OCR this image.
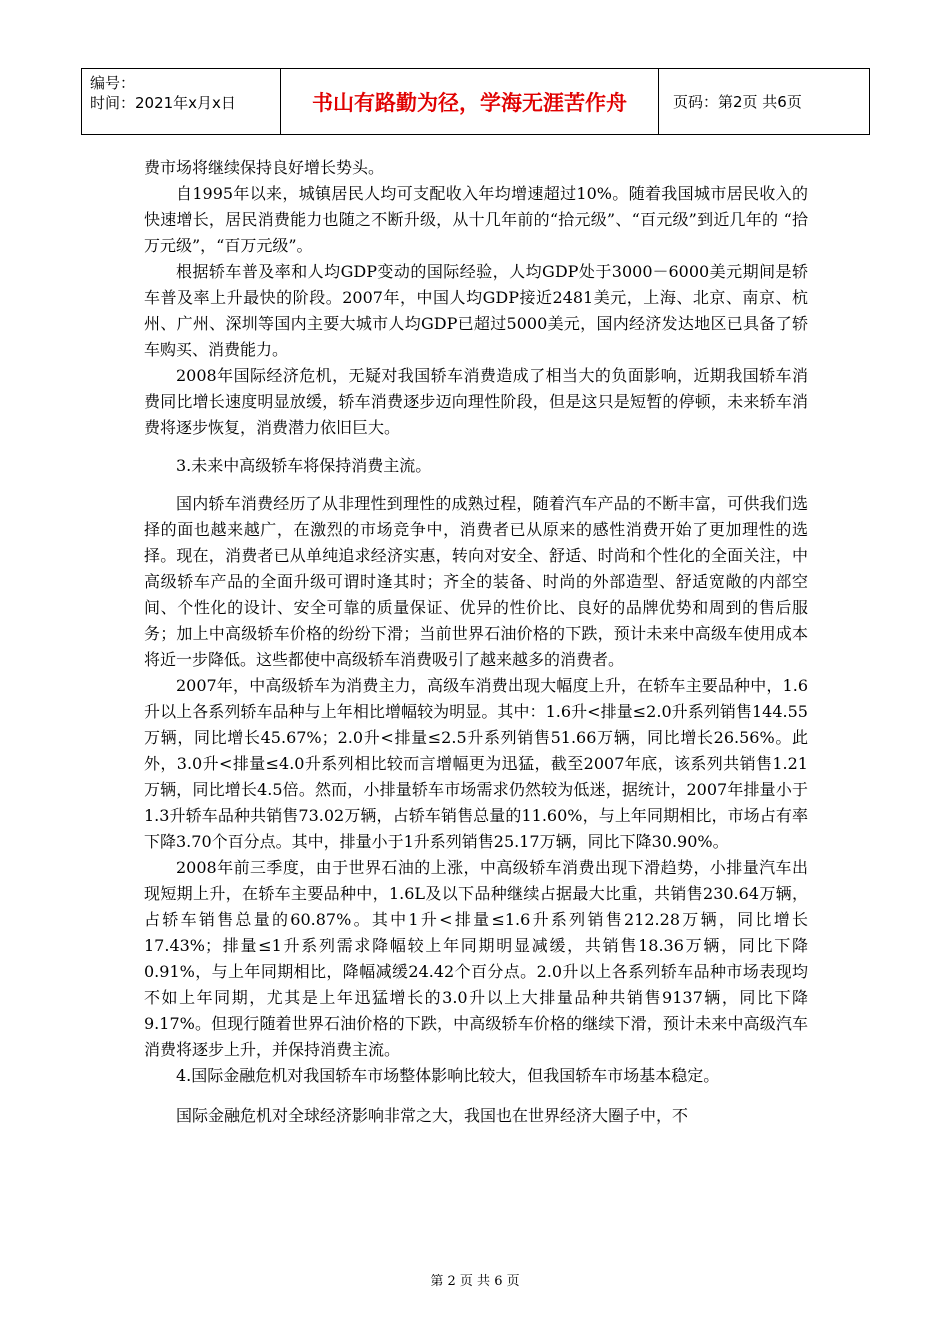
编号：
时间：2021年x月x日	书山有路勤为径，学海无涯苦作舟	页码：第2页 共6页

费市场将继续保持良好增长势头。

自1995年以来，城镇居民人均可支配收入年均增速超过10%。随着我国城市居民收入的快速增长，居民消费能力也随之不断升级，从十几年前的“拾元级”、“百元级”到近几年的 “拾万元级”，“百万元级”。

根据轿车普及率和人均GDP变动的国际经验，人均GDP处于3000－6000美元期间是轿车普及率上升最快的阶段。2007年，中国人均GDP接近2481美元，上海、北京、南京、杭州、广州、深圳等国内主要大城市人均GDP已超过5000美元，国内经济发达地区已具备了轿车购买、消费能力。

2008年国际经济危机，无疑对我国轿车消费造成了相当大的负面影响，近期我国轿车消费同比增长速度明显放缓，轿车消费逐步迈向理性阶段，但是这只是短暂的停顿，未来轿车消费将逐步恢复，消费潜力依旧巨大。

3.未来中高级轿车将保持消费主流。

国内轿车消费经历了从非理性到理性的成熟过程，随着汽车产品的不断丰富，可供我们选择的面也越来越广，在激烈的市场竞争中，消费者已从原来的感性消费开始了更加理性的选择。现在，消费者已从单纯追求经济实惠，转向对安全、舒适、时尚和个性化的全面关注，中高级轿车产品的全面升级可谓时逢其时；齐全的装备、时尚的外部造型、舒适宽敞的内部空间、个性化的设计、安全可靠的质量保证、优异的性价比、良好的品牌优势和周到的售后服务；加上中高级轿车价格的纷纷下滑；当前世界石油价格的下跌，预计未来中高级车使用成本将近一步降低。这些都使中高级轿车消费吸引了越来越多的消费者。

2007年，中高级轿车为消费主力，高级车消费出现大幅度上升，在轿车主要品种中，1.6升以上各系列轿车品种与上年相比增幅较为明显。其中：1.6升<排量≤2.0升系列销售144.55万辆，同比增长45.67%；2.0升<排量≤2.5升系列销售51.66万辆，同比增长26.56%。此外，3.0升<排量≤4.0升系列相比较而言增幅更为迅猛，截至2007年底，该系列共销售1.21万辆，同比增长4.5倍。然而，小排量轿车市场需求仍然较为低迷，据统计，2007年排量小于1.3升轿车品种共销售73.02万辆，占轿车销售总量的11.60%，与上年同期相比，市场占有率下降3.70个百分点。其中，排量小于1升系列销售25.17万辆，同比下降30.90%。

2008年前三季度，由于世界石油的上涨，中高级轿车消费出现下滑趋势，小排量汽车出现短期上升，在轿车主要品种中，1.6L及以下品种继续占据最大比重，共销售230.64万辆，占轿车销售总量的60.87%。其中1升<排量≤1.6升系列销售212.28万辆，同比增长17.43%；排量≤1升系列需求降幅较上年同期明显减缓，共销售18.36万辆，同比下降0.91%，与上年同期相比，降幅减缓24.42个百分点。2.0升以上各系列轿车品种市场表现均不如上年同期，尤其是上年迅猛增长的3.0升以上大排量品种共销售9137辆，同比下降9.17%。但现行随着世界石油价格的下跌，中高级轿车价格的继续下滑，预计未来中高级汽车消费将逐步上升，并保持消费主流。

4.国际金融危机对我国轿车市场整体影响比较大，但我国轿车市场基本稳定。

国际金融危机对全球经济影响非常之大，我国也在世界经济大圈子中，不

第 2 页 共 6 页
